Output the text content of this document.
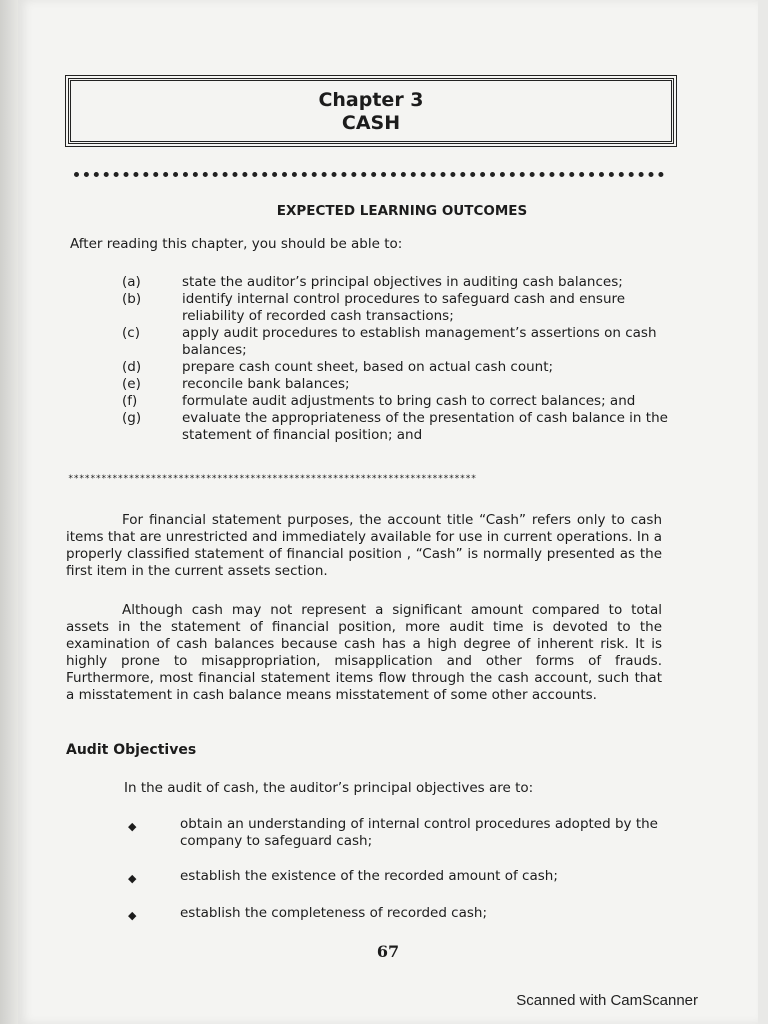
Chapter 3
CASH
EXPECTED LEARNING OUTCOMES
After reading this chapter, you should be able to:
(a)	state the auditor’s principal objectives in auditing cash balances;
(b)	identify internal control procedures to safeguard cash and ensure reliability of recorded cash transactions;
(c)	apply audit procedures to establish management’s assertions on cash balances;
(d)	prepare cash count sheet, based on actual cash count;
(e)	reconcile bank balances;
(f)	formulate audit adjustments to bring cash to correct balances; and
(g)	evaluate the appropriateness of the presentation of cash balance in the statement of financial position; and
**************************************************************************
For financial statement purposes, the account title “Cash” refers only to cash items that are unrestricted and immediately available for use in current operations. In a properly classified statement of financial position , “Cash” is normally presented as the first item in the current assets section.
Although cash may not represent a significant amount compared to total assets in the statement of financial position, more audit time is devoted to the examination of cash balances because cash has a high degree of inherent risk. It is highly prone to misappropriation, misapplication and other forms of frauds. Furthermore, most financial statement items flow through the cash account, such that a misstatement in cash balance means misstatement of some other accounts.
Audit Objectives
In the audit of cash, the auditor’s principal objectives are to:
◆	obtain an understanding of internal control procedures adopted by the company to safeguard cash;
◆	establish the existence of the recorded amount of cash;
◆	establish the completeness of recorded cash;
67
Scanned with CamScanner
